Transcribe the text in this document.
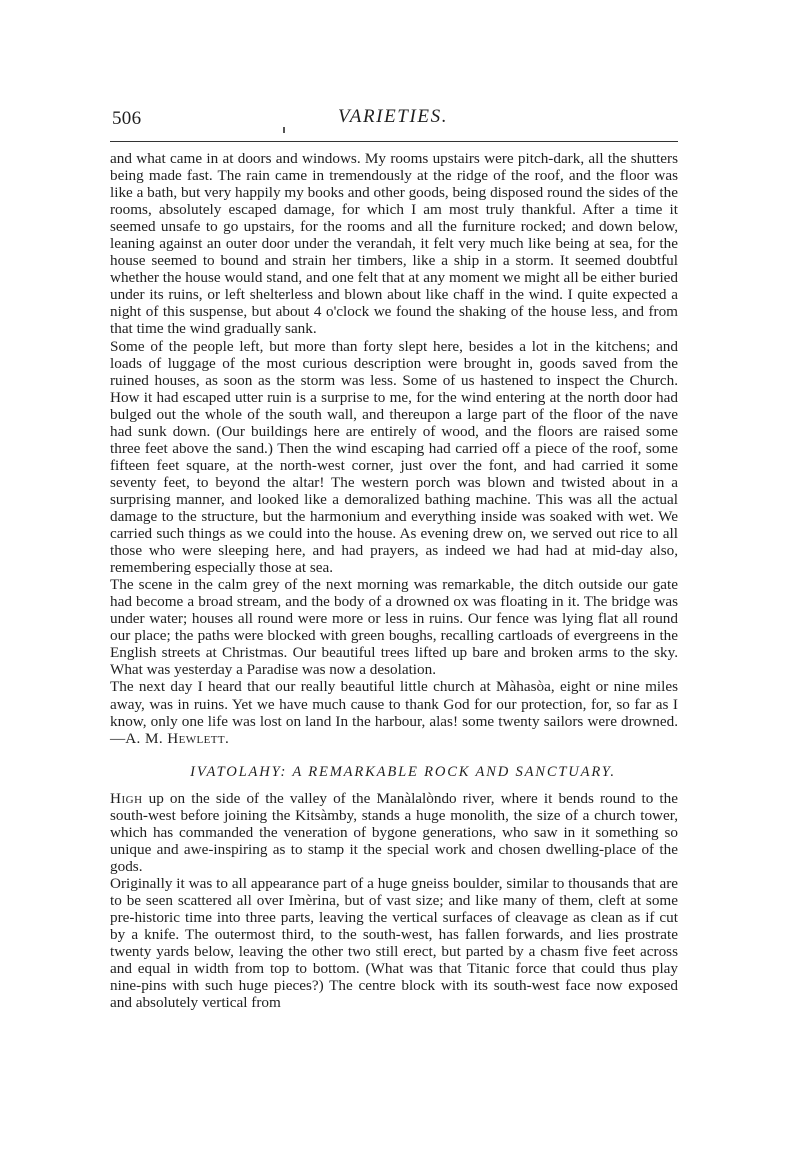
506	VARIETIES.

and what came in at doors and windows. My rooms upstairs were pitch-dark, all the shutters being made fast. The rain came in tremendously at the ridge of the roof, and the floor was like a bath, but very happily my books and other goods, being disposed round the sides of the rooms, absolutely escaped damage, for which I am most truly thankful. After a time it seemed unsafe to go upstairs, for the rooms and all the furniture rocked; and down below, leaning against an outer door under the verandah, it felt very much like being at sea, for the house seemed to bound and strain her timbers, like a ship in a storm. It seemed doubtful whether the house would stand, and one felt that at any moment we might all be either buried under its ruins, or left shelterless and blown about like chaff in the wind. I quite expected a night of this suspense, but about 4 o'clock we found the shaking of the house less, and from that time the wind gradually sank.

Some of the people left, but more than forty slept here, besides a lot in the kitchens; and loads of luggage of the most curious description were brought in, goods saved from the ruined houses, as soon as the storm was less. Some of us hastened to inspect the Church. How it had escaped utter ruin is a surprise to me, for the wind entering at the north door had bulged out the whole of the south wall, and thereupon a large part of the floor of the nave had sunk down. (Our buildings here are entirely of wood, and the floors are raised some three feet above the sand.) Then the wind escaping had carried off a piece of the roof, some fifteen feet square, at the north-west corner, just over the font, and had carried it some seventy feet, to beyond the altar! The western porch was blown and twisted about in a surprising manner, and looked like a demoralized bathing machine. This was all the actual damage to the structure, but the harmonium and everything inside was soaked with wet. We carried such things as we could into the house. As evening drew on, we served out rice to all those who were sleeping here, and had prayers, as indeed we had had at mid-day also, remembering especially those at sea.

The scene in the calm grey of the next morning was remarkable, the ditch outside our gate had become a broad stream, and the body of a drowned ox was floating in it. The bridge was under water; houses all round were more or less in ruins. Our fence was lying flat all round our place; the paths were blocked with green boughs, recalling cartloads of evergreens in the English streets at Christmas. Our beautiful trees lifted up bare and broken arms to the sky. What was yesterday a Paradise was now a desolation.

The next day I heard that our really beautiful little church at Màhasòa, eight or nine miles away, was in ruins. Yet we have much cause to thank God for our protection, for, so far as I know, only one life was lost on land In the harbour, alas! some twenty sailors were drowned.—A. M. Hewlett.

IVATOLAHY: A REMARKABLE ROCK AND SANCTUARY.

High up on the side of the valley of the Manàlalòndo river, where it bends round to the south-west before joining the Kitsàmby, stands a huge monolith, the size of a church tower, which has commanded the veneration of bygone generations, who saw in it something so unique and awe-inspiring as to stamp it the special work and chosen dwelling-place of the gods.

Originally it was to all appearance part of a huge gneiss boulder, similar to thousands that are to be seen scattered all over Imèrina, but of vast size; and like many of them, cleft at some pre-historic time into three parts, leaving the vertical surfaces of cleavage as clean as if cut by a knife. The outermost third, to the south-west, has fallen forwards, and lies prostrate twenty yards below, leaving the other two still erect, but parted by a chasm five feet across and equal in width from top to bottom. (What was that Titanic force that could thus play nine-pins with such huge pieces?) The centre block with its south-west face now exposed and absolutely vertical from
